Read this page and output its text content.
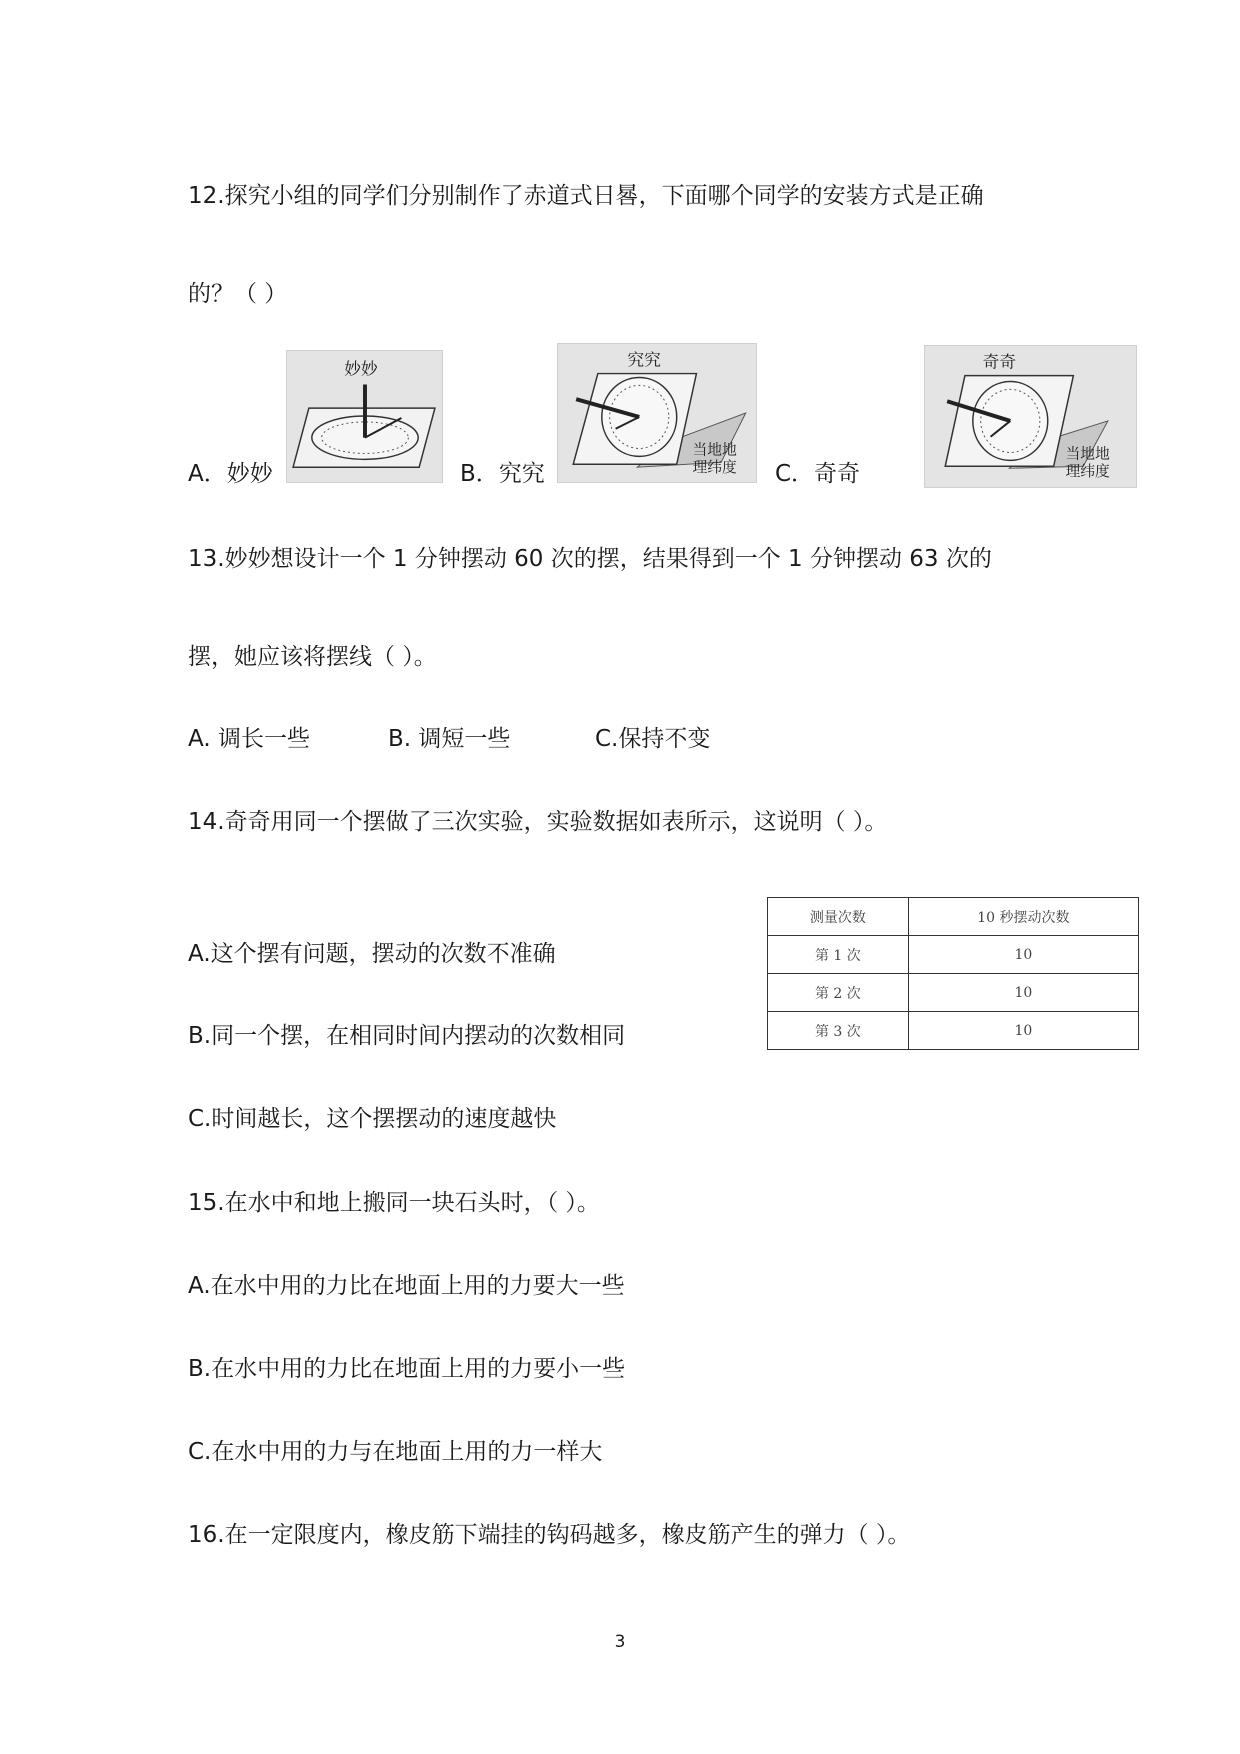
12.探究小组的同学们分别制作了赤道式日晷，下面哪个同学的安装方式是正确
的？（ ）
A．妙妙
妙妙
B．究究
究究
当地地
理纬度 C．奇奇
奇奇
当地地
理纬度
13.妙妙想设计一个 1 分钟摆动 60 次的摆，结果得到一个 1 分钟摆动 63 次的
摆，她应该将摆线（ ）。
A. 调长一些	B. 调短一些	C.保持不变
14.奇奇用同一个摆做了三次实验，实验数据如表所示，这说明（ ）。
A.这个摆有问题，摆动的次数不准确
B.同一个摆，在相同时间内摆动的次数相同
C.时间越长，这个摆摆动的速度越快
测量次数	10 秒摆动次数
第 1 次	10
第 2 次	10
第 3 次	10
15.在水中和地上搬同一块石头时，（ ）。
A.在水中用的力比在地面上用的力要大一些
B.在水中用的力比在地面上用的力要小一些
C.在水中用的力与在地面上用的力一样大
16.在一定限度内，橡皮筋下端挂的钩码越多，橡皮筋产生的弹力（ ）。
3
